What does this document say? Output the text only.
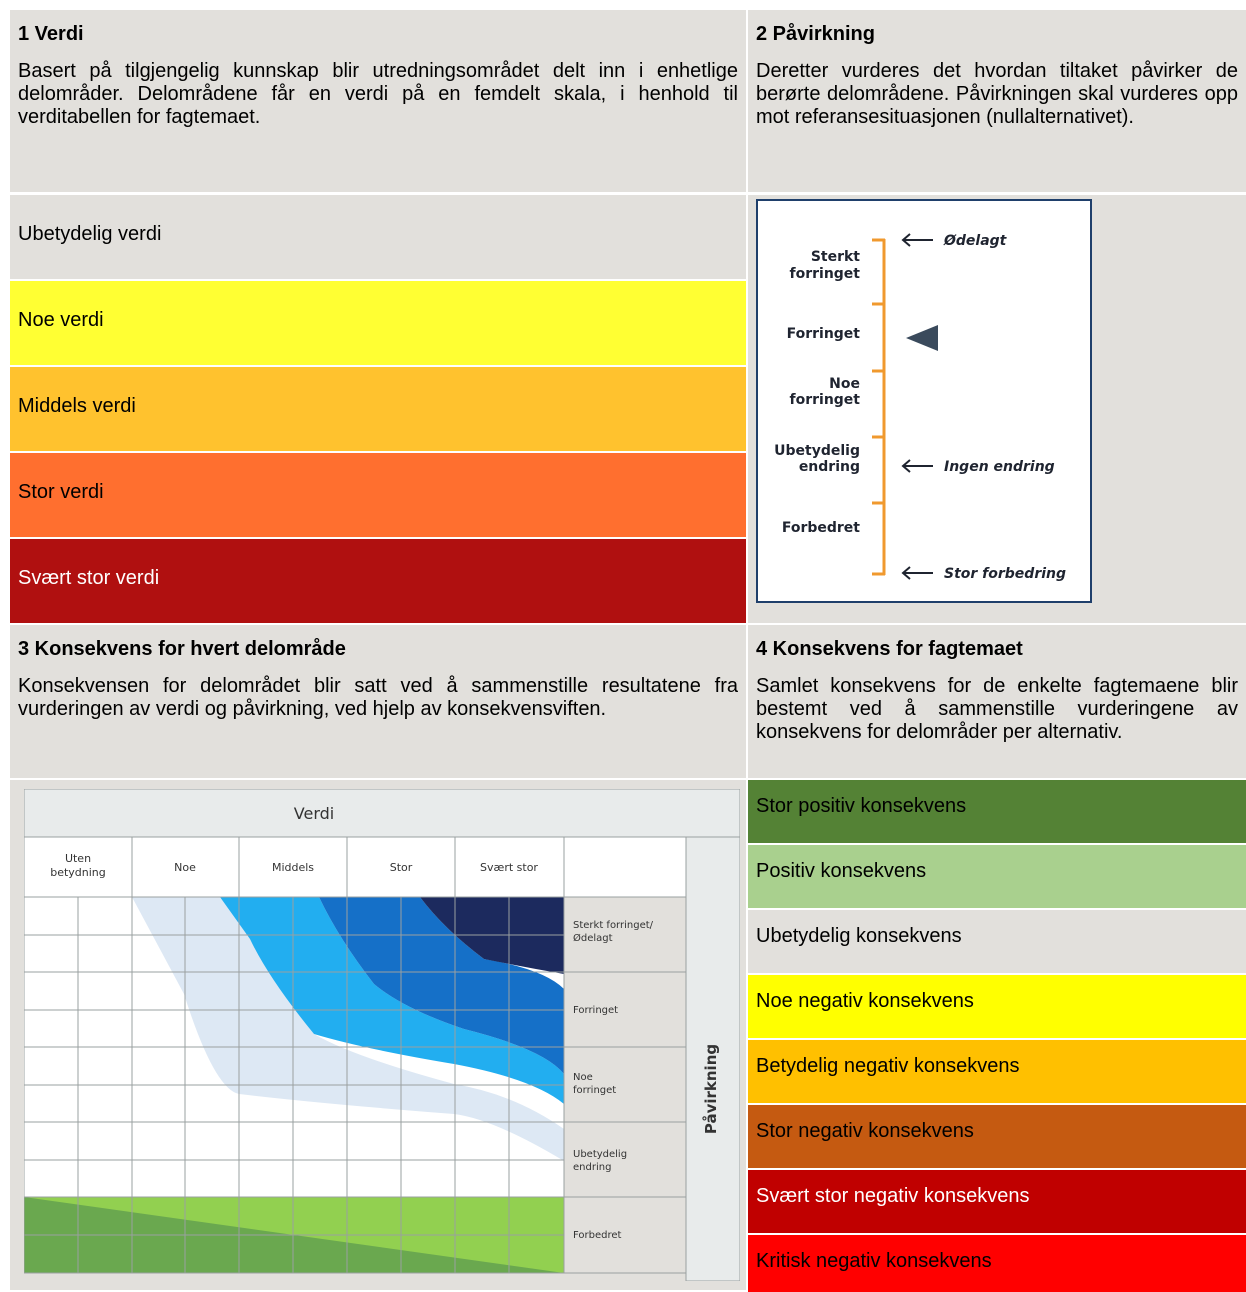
1 Verdi

Basert på tilgjengelig kunnskap blir utredningsområdet delt inn i enhetlige delområder. Delområdene får en verdi på en femdelt skala, i henhold til verditabellen for fagtemaet.

2 Påvirkning

Deretter vurderes det hvordan tiltaket påvirker de berørte delområdene. Påvirkningen skal vurderes opp mot referansesituasjonen (nullalternativet).

Ubetydelig verdi
Noe verdi
Middels verdi
Stor verdi
Svært stor verdi
Sterkt forringet
Forringet
Noe forringet
Ubetydelig endring
Forbedret
Ødelagt
Ingen endring
Stor forbedring
3 Konsekvens for hvert delområde

Konsekvensen for delområdet blir satt ved å sammenstille resultatene fra vurderingen av verdi og påvirkning, ved hjelp av konsekvensviften.

4 Konsekvens for fagtemaet

Samlet konsekvens for de enkelte fagtemaene blir bestemt ved å sammenstille vurderingene av konsekvens for delområder per alternativ.

Verdi
Påvirkning
Uten betydning	Noe	Middels	Stor	Svært stor
Sterkt forringet/ Ødelagt
Forringet
Noe forringet
Ubetydelig endring
Forbedret
Stor positiv konsekvens
Positiv konsekvens
Ubetydelig konsekvens
Noe negativ konsekvens
Betydelig negativ konsekvens
Stor negativ konsekvens
Svært stor negativ konsekvens
Kritisk negativ konsekvens
